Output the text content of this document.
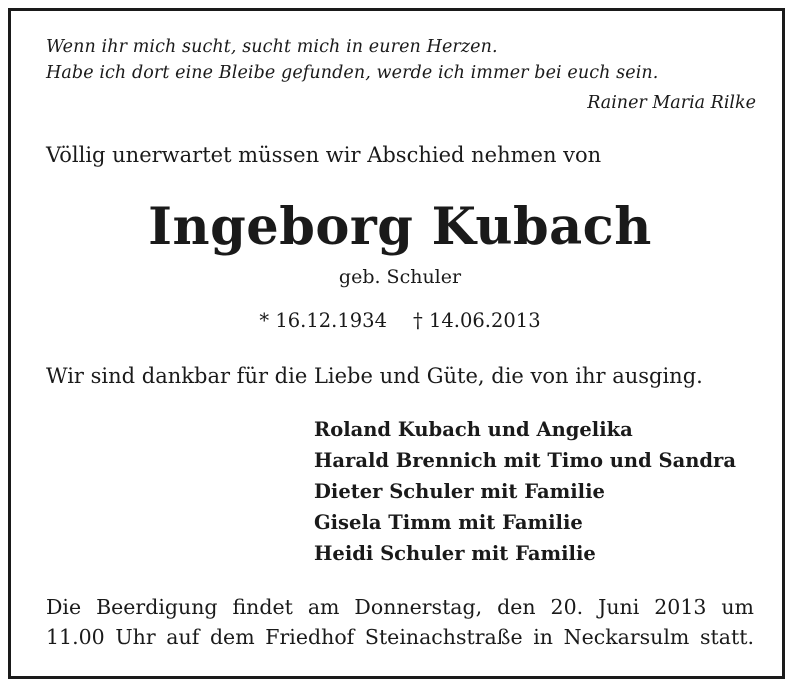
Wenn ihr mich sucht, sucht mich in euren Herzen.
Habe ich dort eine Bleibe gefunden, werde ich immer bei euch sein.
Rainer Maria Rilke
Völlig unerwartet müssen wir Abschied nehmen von
Ingeborg Kubach
geb. Schuler
* 16.12.1934 † 14.06.2013
Wir sind dankbar für die Liebe und Güte, die von ihr ausging.
Roland Kubach und Angelika
Harald Brennich mit Timo und Sandra
Dieter Schuler mit Familie
Gisela Timm mit Familie
Heidi Schuler mit Familie
Die Beerdigung findet am Donnerstag, den 20. Juni 2013 um
11.00 Uhr auf dem Friedhof Steinachstraße in Neckarsulm statt.
